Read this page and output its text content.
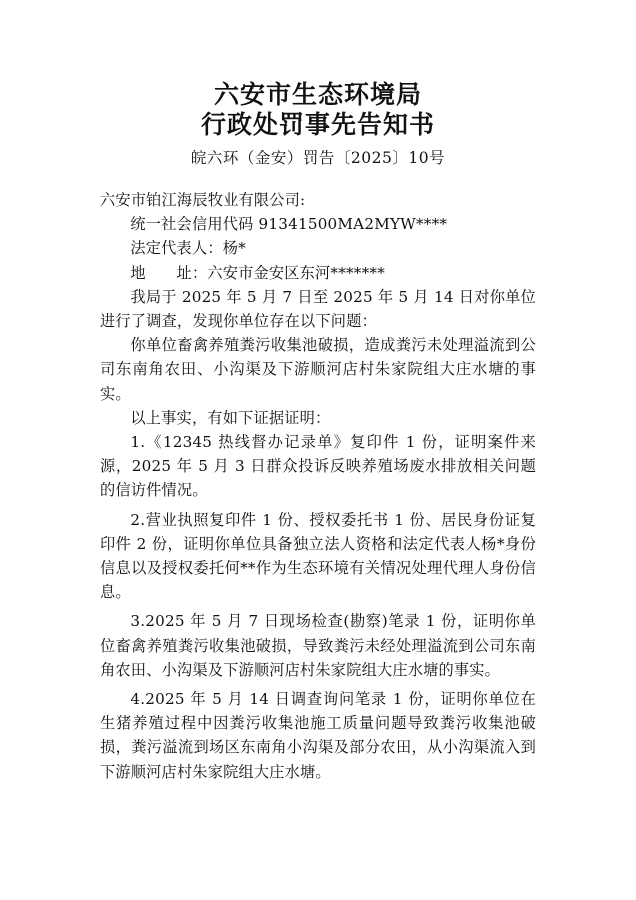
六安市生态环境局
行政处罚事先告知书
皖六环（金安）罚告〔2025〕10号

六安市铂江海辰牧业有限公司:

统一社会信用代码 91341500MA2MYW****

法定代表人：杨*

地　　址：六安市金安区东河*******

我局于 2025 年 5 月 7 日至 2025 年 5 月 14 日对你单位进行了调查，发现你单位存在以下问题：

你单位畜禽养殖粪污收集池破损，造成粪污未处理溢流到公司东南角农田、小沟渠及下游顺河店村朱家院组大庄水塘的事实。

以上事实，有如下证据证明：

1.《12345 热线督办记录单》复印件 1 份，证明案件来源，2025 年 5 月 3 日群众投诉反映养殖场废水排放相关问题的信访件情况。

2.营业执照复印件 1 份、授权委托书 1 份、居民身份证复印件 2 份，证明你单位具备独立法人资格和法定代表人杨*身份信息以及授权委托何**作为生态环境有关情况处理代理人身份信息。

3.2025 年 5 月 7 日现场检查(勘察)笔录 1 份，证明你单位畜禽养殖粪污收集池破损，导致粪污未经处理溢流到公司东南角农田、小沟渠及下游顺河店村朱家院组大庄水塘的事实。

4.2025 年 5 月 14 日调查询问笔录 1 份，证明你单位在生猪养殖过程中因粪污收集池施工质量问题导致粪污收集池破损，粪污溢流到场区东南角小沟渠及部分农田，从小沟渠流入到下游顺河店村朱家院组大庄水塘。
